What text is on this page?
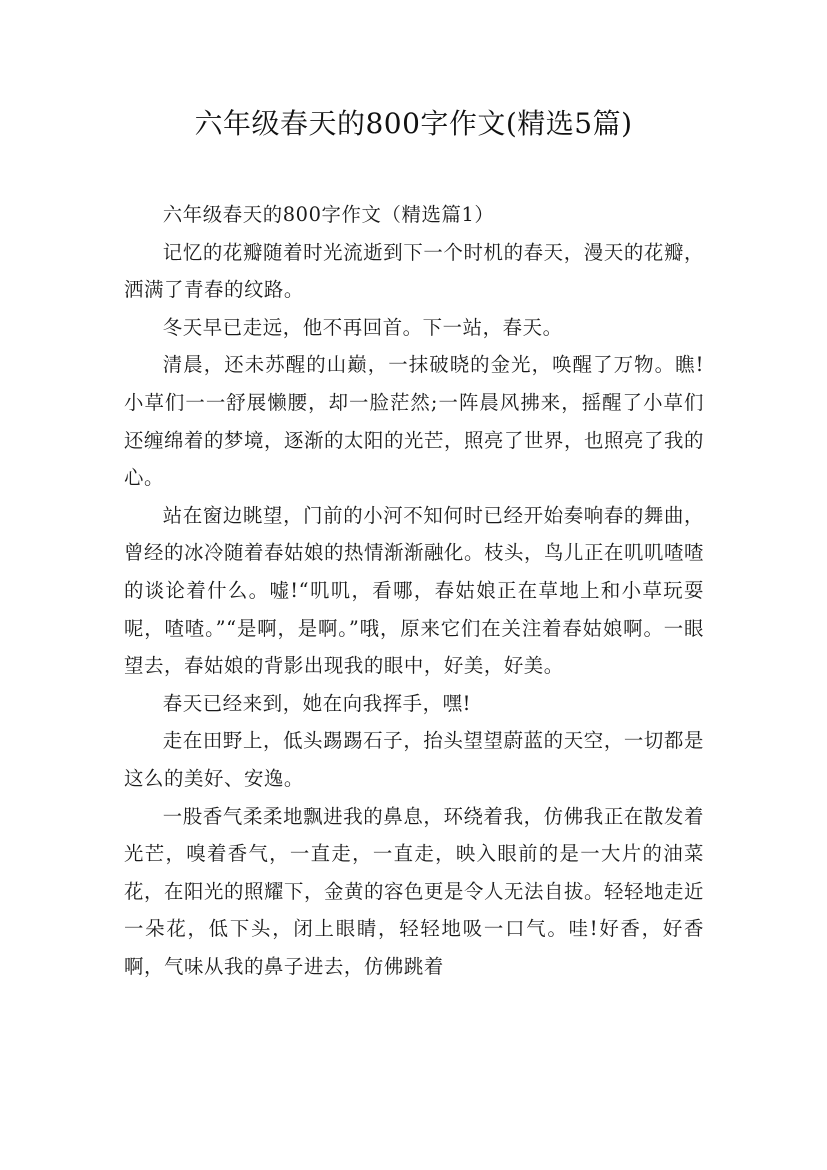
六年级春天的800字作文(精选5篇)

六年级春天的800字作文（精选篇1）

记忆的花瓣随着时光流逝到下一个时机的春天，漫天的花瓣，洒满了青春的纹路。

冬天早已走远，他不再回首。下一站，春天。

清晨，还未苏醒的山巅，一抹破晓的金光，唤醒了万物。瞧!小草们一一舒展懒腰，却一脸茫然;一阵晨风拂来，摇醒了小草们还缠绵着的梦境，逐渐的太阳的光芒，照亮了世界，也照亮了我的心。

站在窗边眺望，门前的小河不知何时已经开始奏响春的舞曲，曾经的冰冷随着春姑娘的热情渐渐融化。枝头，鸟儿正在叽叽喳喳的谈论着什么。嘘!“叽叽，看哪，春姑娘正在草地上和小草玩耍呢，喳喳。”“是啊，是啊。”哦，原来它们在关注着春姑娘啊。一眼望去，春姑娘的背影出现我的眼中，好美，好美。

春天已经来到，她在向我挥手，嘿!

走在田野上，低头踢踢石子，抬头望望蔚蓝的天空，一切都是这么的美好、安逸。

一股香气柔柔地飘进我的鼻息，环绕着我，仿佛我正在散发着光芒，嗅着香气，一直走，一直走，映入眼前的是一大片的油菜花，在阳光的照耀下，金黄的容色更是令人无法自拔。轻轻地走近一朵花，低下头，闭上眼睛，轻轻地吸一口气。哇!好香，好香啊，气味从我的鼻子进去，仿佛跳着
